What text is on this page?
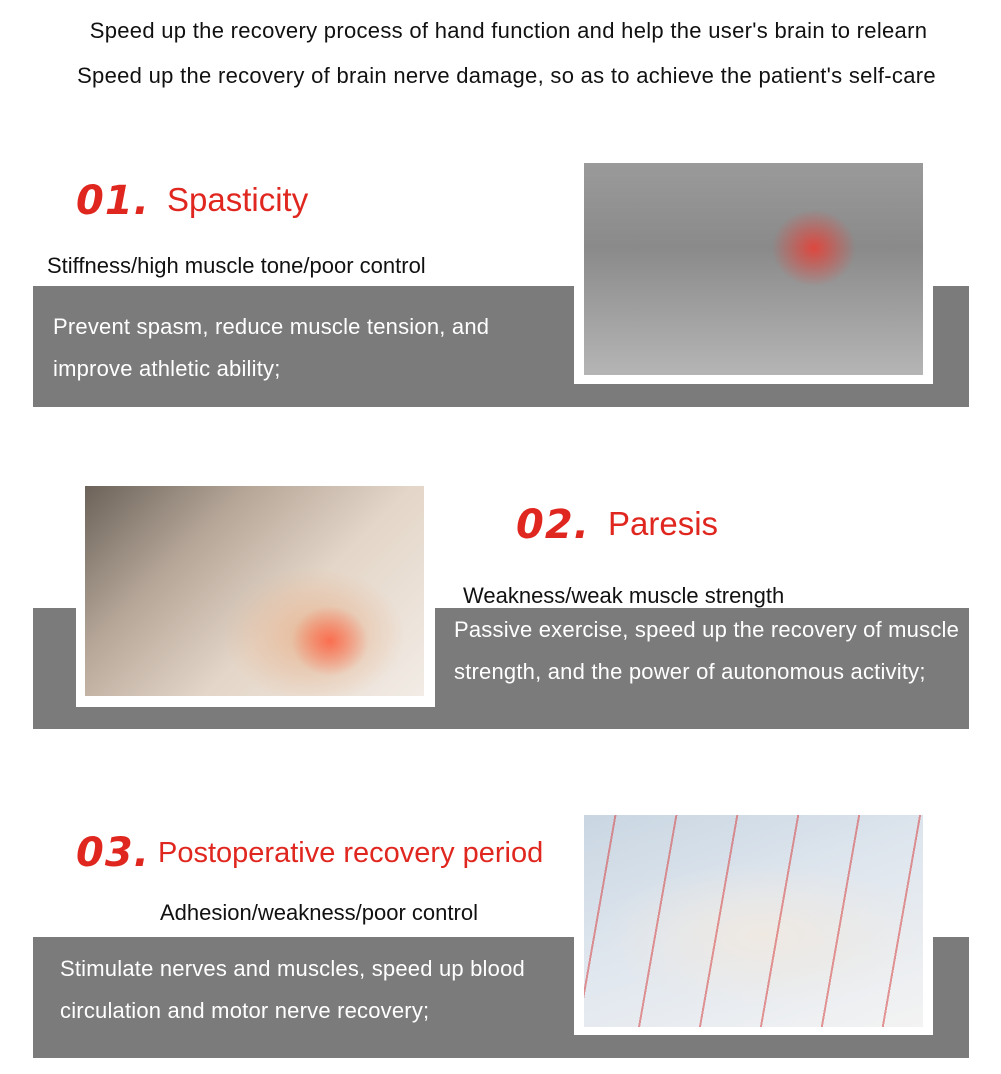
Speed up the recovery process of hand function and help the user's brain to relearn
Speed up the recovery of brain nerve damage, so as to achieve the patient's self-care
01. Spasticity
Stiffness/high muscle tone/poor control
Prevent spasm, reduce muscle tension, and improve athletic ability;
02. Paresis
Weakness/weak muscle strength
Passive exercise, speed up the recovery of muscle strength, and the power of autonomous activity;
03. Postoperative recovery period
Adhesion/weakness/poor control
Stimulate nerves and muscles, speed up blood circulation and motor nerve recovery;
